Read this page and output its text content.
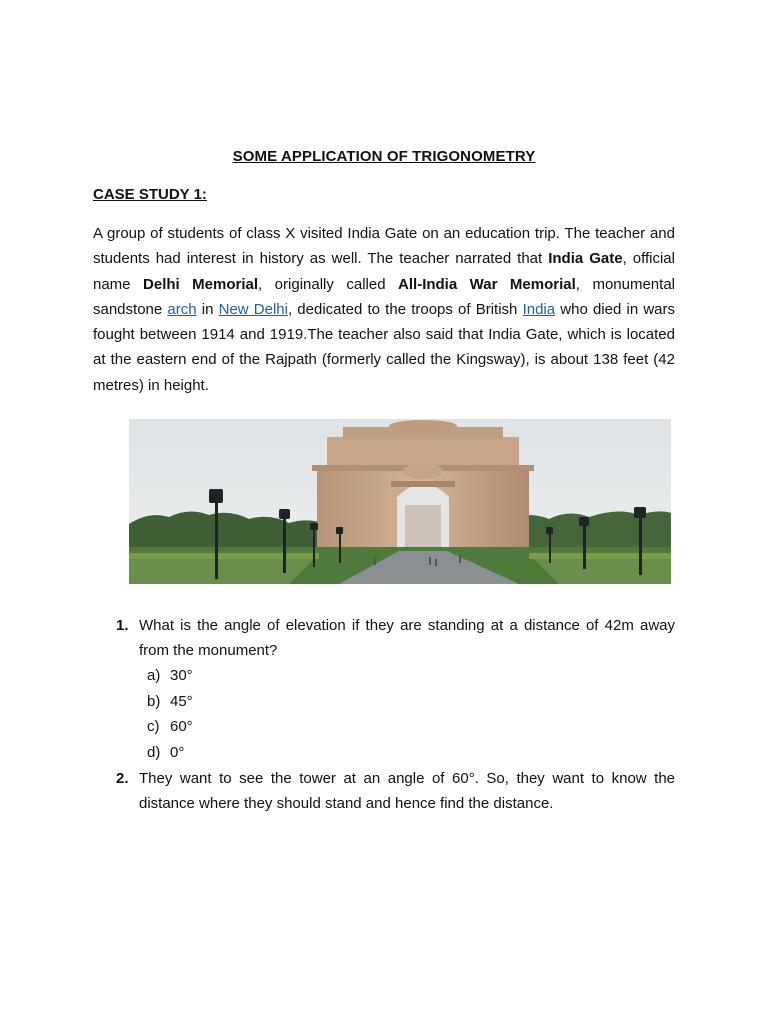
SOME APPLICATION OF TRIGONOMETRY
CASE STUDY 1:

A group of students of class X visited India Gate on an education trip. The teacher and students had interest in history as well. The teacher narrated that India Gate, official name Delhi Memorial, originally called All-India War Memorial, monumental sandstone arch in New Delhi, dedicated to the troops of British India who died in wars fought between 1914 and 1919.The teacher also said that India Gate, which is located at the eastern end of the Rajpath (formerly called the Kingsway), is about 138 feet (42 metres) in height.

1. What is the angle of elevation if they are standing at a distance of 42m away from the monument?

a) 30°
b) 45°
c) 60°
d) 0°
2. They want to see the tower at an angle of 60°. So, they want to know the distance where they should stand and hence find the distance.
